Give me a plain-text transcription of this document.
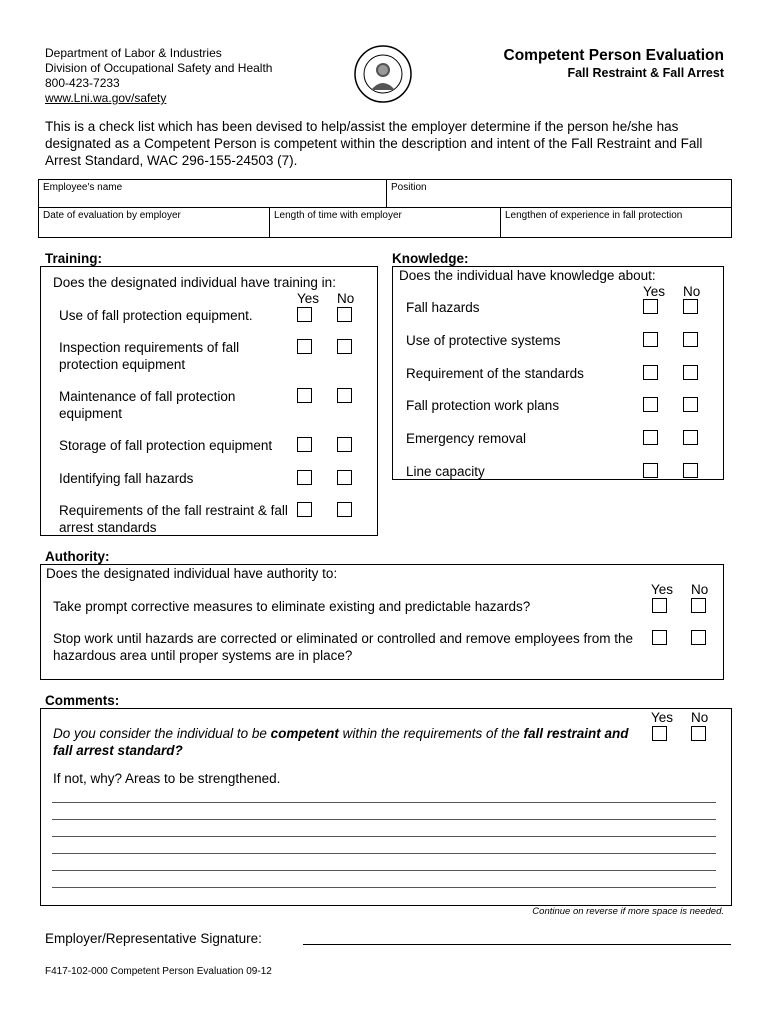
Department of Labor & Industries
Division of Occupational Safety and Health
800-423-7233
www.Lni.wa.gov/safety
Competent Person Evaluation
Fall Restraint & Fall Arrest
This is a check list which has been devised to help/assist the employer determine if the person he/she has designated as a Competent Person is competent within the description and intent of the Fall Restraint and Fall Arrest Standard, WAC 296-155-24503 (7).
Employee's name	Position
Date of evaluation by employer	Length of time with employer	Lengthen of experience in fall protection
Training:
Does the designated individual have training in:
Yes No
Use of fall protection equipment.
Inspection requirements of fall protection equipment
Maintenance of fall protection equipment
Storage of fall protection equipment
Identifying fall hazards
Requirements of the fall restraint & fall arrest standards
Knowledge:
Does the individual have knowledge about:
Yes No
Fall hazards
Use of protective systems
Requirement of the standards
Fall protection work plans
Emergency removal
Line capacity
Authority:
Does the designated individual have authority to:
Yes No
Take prompt corrective measures to eliminate existing and predictable hazards?
Stop work until hazards are corrected or eliminated or controlled and remove employees from the hazardous area until proper systems are in place?
Comments:
Yes No
Do you consider the individual to be competent within the requirements of the fall restraint and fall arrest standard?
If not, why? Areas to be strengthened.
Continue on reverse if more space is needed.
Employer/Representative Signature:
F417-102-000 Competent Person Evaluation 09-12
